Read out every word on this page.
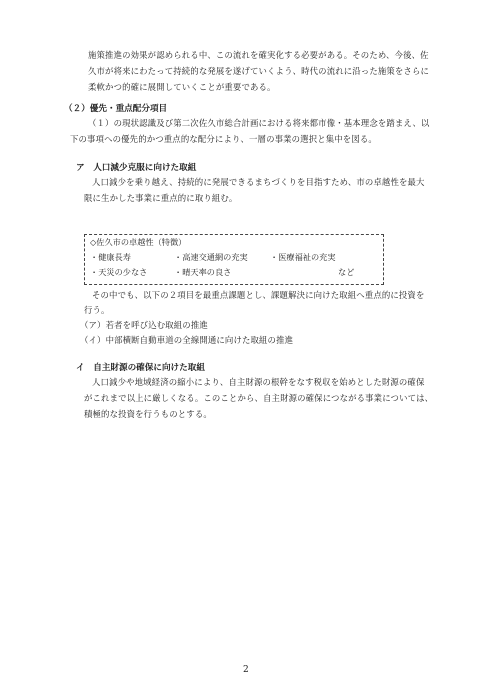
施策推進の効果が認められる中、この流れを確実化する必要がある。そのため、今後、佐
久市が将来にわたって持続的な発展を遂げていくよう、時代の流れに沿った施策をさらに
柔軟かつ的確に展開していくことが重要である。
（２）優先・重点配分項目
（１）の現状認識及び第二次佐久市総合計画における将来都市像・基本理念を踏まえ、以
下の事項への優先的かつ重点的な配分により、一層の事業の選択と集中を図る。
ア　人口減少克服に向けた取組
人口減少を乗り越え、持続的に発展できるまちづくりを目指すため、市の卓越性を最大
限に生かした事業に重点的に取り組む。
◇佐久市の卓越性（特徴）
・健康長寿	・高速交通網の充実	・医療福祉の充実
・天災の少なさ	・晴天率の良さ	など
その中でも、以下の２項目を最重点課題とし、課題解決に向けた取組へ重点的に投資を
行う。
（ア）若者を呼び込む取組の推進
（イ）中部横断自動車道の全線開通に向けた取組の推進
イ　自主財源の確保に向けた取組
人口減少や地域経済の縮小により、自主財源の根幹をなす税収を始めとした財源の確保
がこれまで以上に厳しくなる。このことから、自主財源の確保につながる事業については、
積極的な投資を行うものとする。
2
